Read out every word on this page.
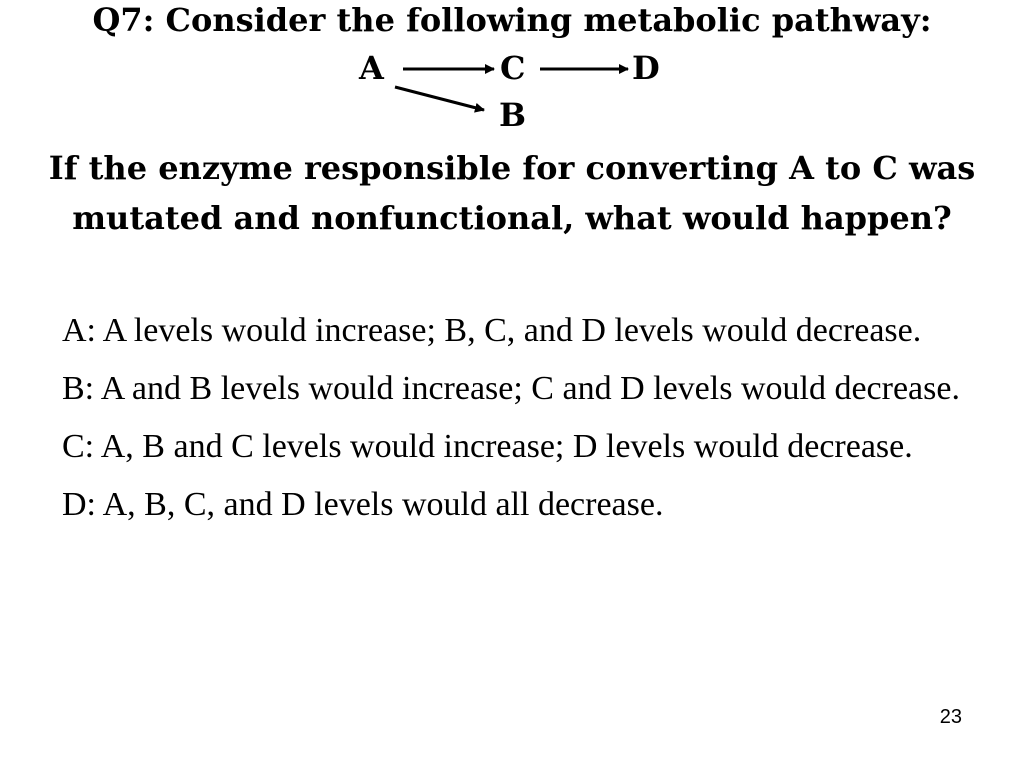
Q7: Consider the following metabolic pathway:
A	C	D
B
If the enzyme responsible for converting A to C was mutated and nonfunctional, what would happen?
A: A levels would increase; B, C, and D levels would decrease.
B: A and B levels would increase; C and D levels would decrease.
C: A, B and C levels would increase; D levels would decrease.
D: A, B, C, and D levels would all decrease.
23
